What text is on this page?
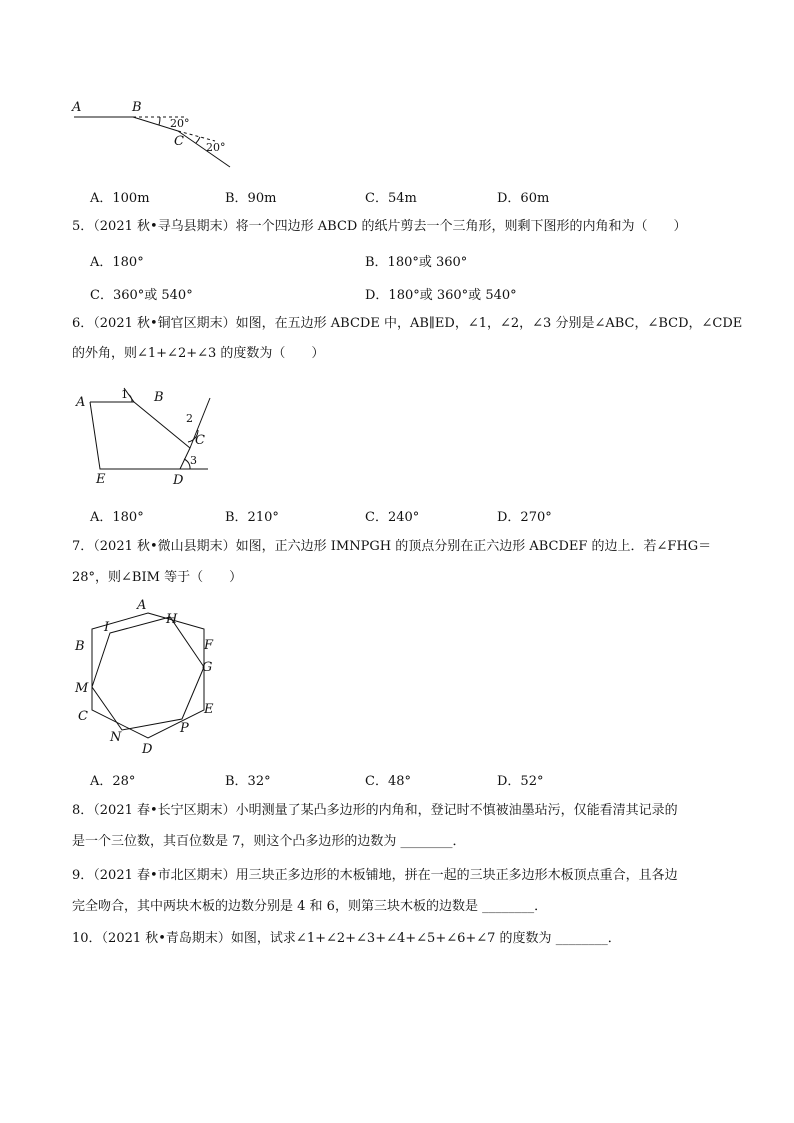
A	B
C
20°
20°
A．100m	B．90m	C．54m	D．60m
5．（2021 秋•寻乌县期末）将一个四边形 ABCD 的纸片剪去一个三角形，则剩下图形的内角和为（　　）
A．180°	B．180°或 360°
C．360°或 540°	D．180°或 360°或 540°
6．（2021 秋•铜官区期末）如图，在五边形 ABCDE 中，AB∥ED，∠1，∠2，∠3 分别是∠ABC，∠BCD，∠CDE
的外角，则∠1+∠2+∠3 的度数为（　　）
A	B
C
D
E
1
2
3
A．180°	B．210°	C．240°	D．270°
7．（2021 秋•微山县期末）如图，正六边形 IMNPGH 的顶点分别在正六边形 ABCDEF 的边上．若∠FHG＝
28°，则∠BIM 等于（　　）
A
B
C
D
E
F
G
H
I
M
N
P
A．28°	B．32°	C．48°	D．52°
8．（2021 春•长宁区期末）小明测量了某凸多边形的内角和，登记时不慎被油墨玷污，仅能看清其记录的
是一个三位数，其百位数是 7，则这个凸多边形的边数为 ________．
9．（2021 春•市北区期末）用三块正多边形的木板铺地，拼在一起的三块正多边形木板顶点重合，且各边
完全吻合，其中两块木板的边数分别是 4 和 6，则第三块木板的边数是 ________．
10．（2021 秋•青岛期末）如图，试求∠1+∠2+∠3+∠4+∠5+∠6+∠7 的度数为 ________．
